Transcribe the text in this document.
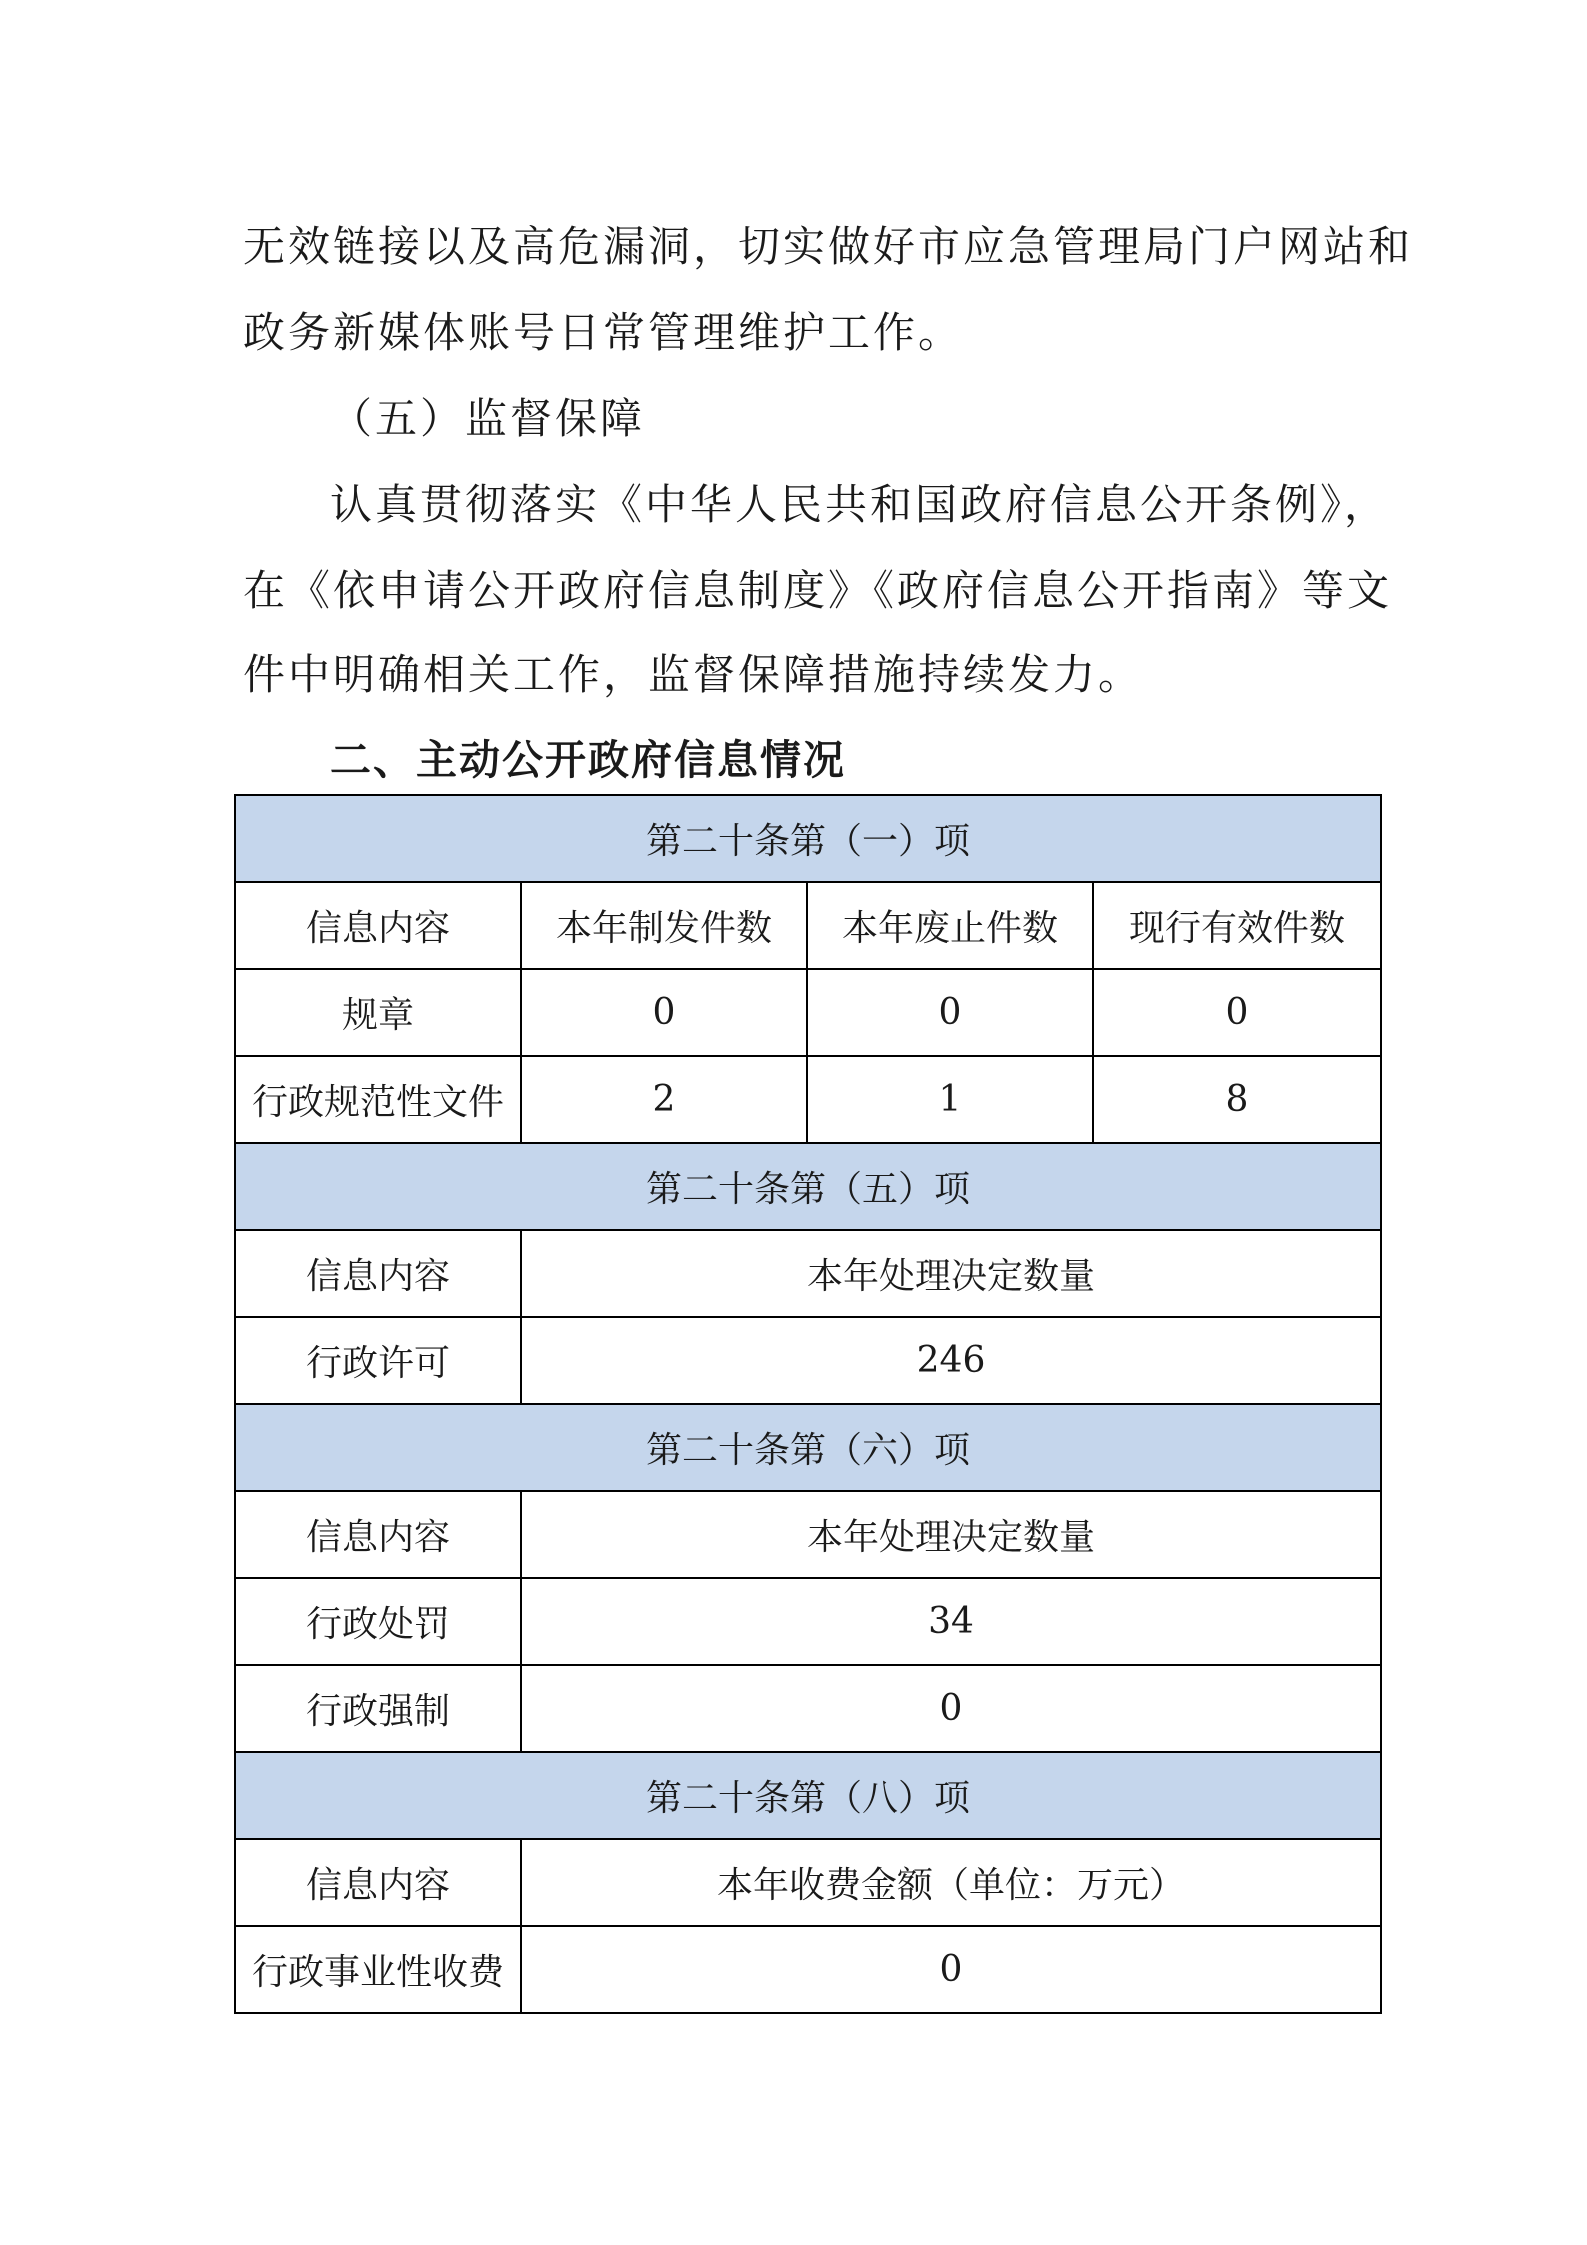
无效链接以及高危漏洞，切实做好市应急管理局门户网站和
政务新媒体账号日常管理维护工作。
（五）监督保障
认真贯彻落实《中华人民共和国政府信息公开条例》，
在《依申请公开政府信息制度》《政府信息公开指南》等文
件中明确相关工作，监督保障措施持续发力。
二、主动公开政府信息情况
第二十条第（一）项			
信息内容	本年制发件数	本年废止件数	现行有效件数
规章	0	0	0
行政规范性文件	2	1	8
第二十条第（五）项			
信息内容	本年处理决定数量		
行政许可	246		
第二十条第（六）项			
信息内容	本年处理决定数量		
行政处罚	34		
行政强制	0		
第二十条第（八）项			
信息内容	本年收费金额（单位：万元）		
行政事业性收费	0		
